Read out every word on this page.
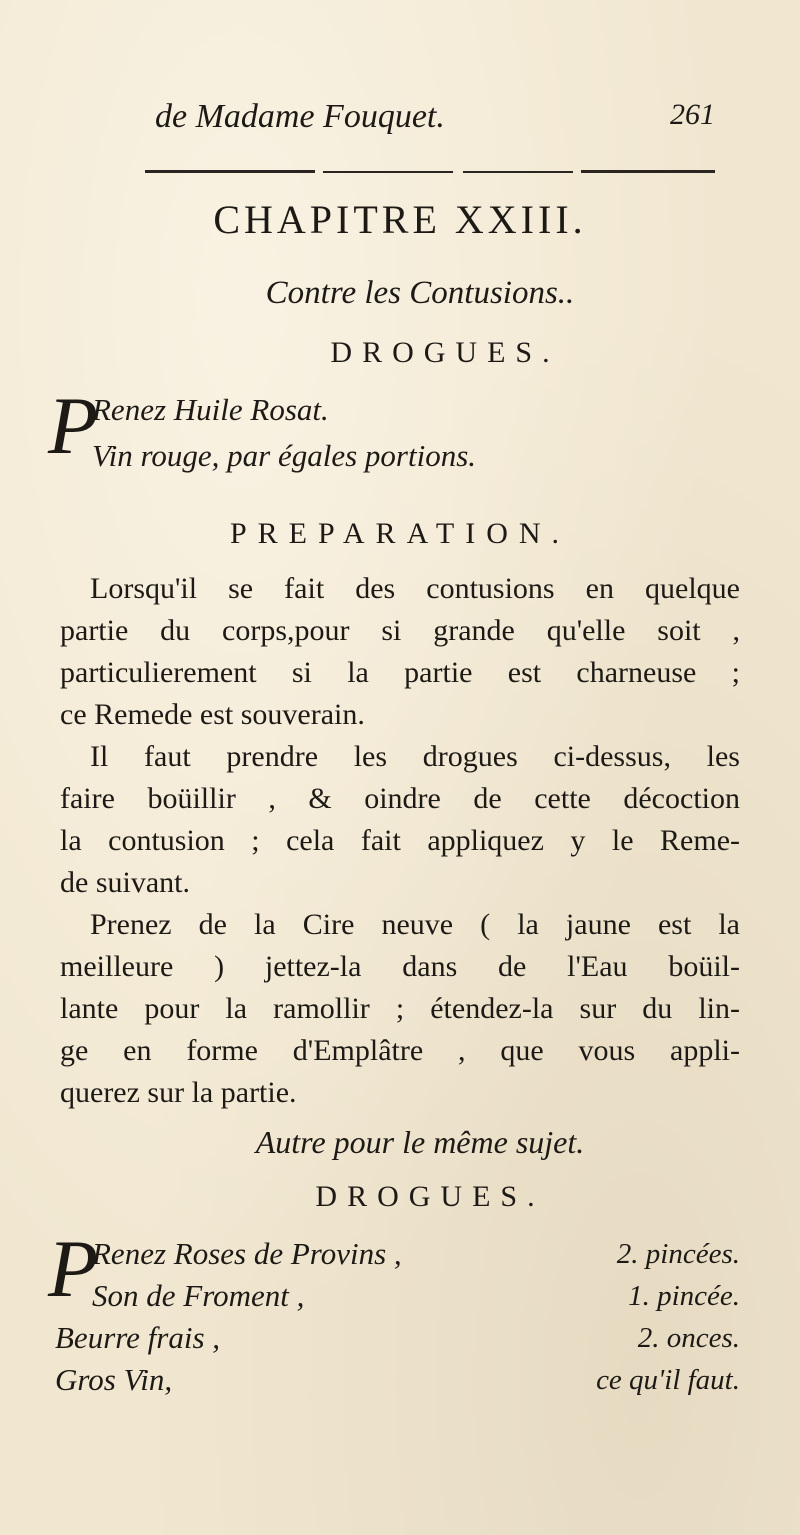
de Madame Fouquet.	261
CHAPITRE XXIII.
Contre les Contusions..
DROGUES.
P
Renez Huile Rosat.
Vin rouge, par égales portions.
PREPARATION.
Lorsqu'il se fait des contusions en quelque
partie du corps,pour si grande qu'elle soit ,
particulierement si la partie est charneuse ;
ce Remede est souverain.
Il faut prendre les drogues ci-dessus, les
faire boüillir , & oindre de cette décoction
la contusion ; cela fait appliquez y le Reme-
de suivant.
Prenez de la Cire neuve ( la jaune est la
meilleure ) jettez-la dans de l'Eau boüil-
lante pour la ramollir ; étendez-la sur du lin-
ge en forme d'Emplâtre , que vous appli-
querez sur la partie.
Autre pour le même sujet.
DROGUES.
P
Renez Roses de Provins ,	2. pincées.
Son de Froment ,	1. pincée.
Beurre frais ,	2. onces.
Gros Vin,	ce qu'il faut.
